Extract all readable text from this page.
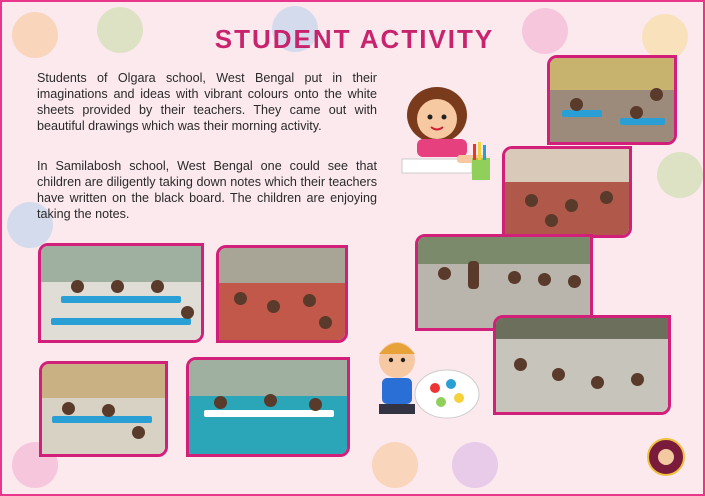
STUDENT ACTIVITY

Students of Olgara school, West Bengal put in their imaginations and ideas with vibrant colours onto the white sheets provided by their teachers. They came out with beautiful drawings which was their morning activity.

In Samilabosh school, West Bengal one could see that children are diligently taking down notes which their teachers have written on the black board. The children are enjoying taking the notes.
